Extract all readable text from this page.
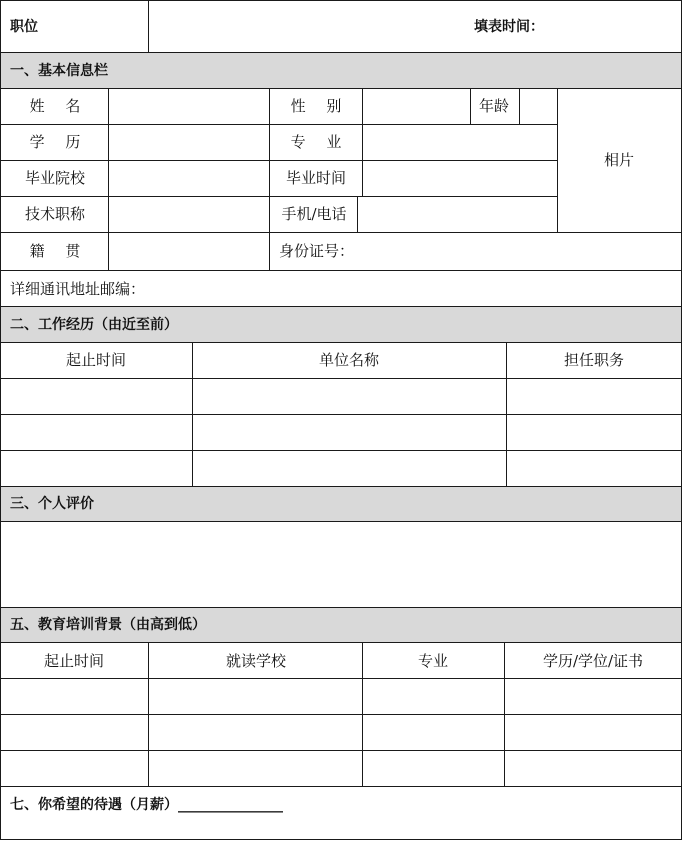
职位	填表时间：
一、基本信息栏
姓 名	性 别	年龄
相片
学 历	专 业
毕业院校	毕业时间
技术职称	手机/电话
籍 贯	身份证号：
详细通讯地址邮编：
二、工作经历（由近至前）
起止时间	单位名称	担任职务
三、个人评价
五、教育培训背景（由高到低）
起止时间	就读学校	专业	学历/学位/证书
七、你希望的待遇（月薪）_______________
